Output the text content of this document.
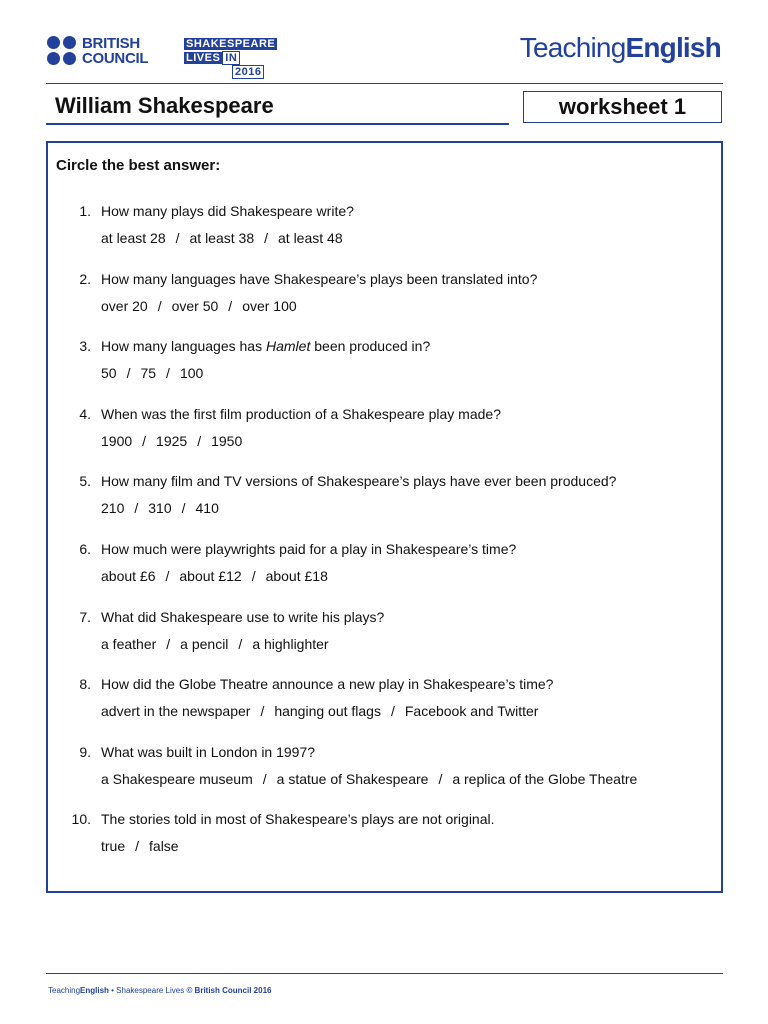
BRITISH
COUNCIL
SHAKESPEARE
LIVES IN
2016
TeachingEnglish
William Shakespeare	worksheet 1
Circle the best answer:
1. How many plays did Shakespeare write?
at least 28 / at least 38 / at least 48
2. How many languages have Shakespeare’s plays been translated into?
over 20 / over 50 / over 100
3. How many languages has Hamlet been produced in?
50 / 75 / 100
4. When was the first film production of a Shakespeare play made?
1900 / 1925 / 1950
5. How many film and TV versions of Shakespeare’s plays have ever been produced?
210 / 310 / 410
6. How much were playwrights paid for a play in Shakespeare’s time?
about £6 / about £12 / about £18
7. What did Shakespeare use to write his plays?
a feather / a pencil / a highlighter
8. How did the Globe Theatre announce a new play in Shakespeare’s time?
advert in the newspaper / hanging out flags / Facebook and Twitter
9. What was built in London in 1997?
a Shakespeare museum / a statue of Shakespeare / a replica of the Globe Theatre
10. The stories told in most of Shakespeare’s plays are not original.
true / false
TeachingEnglish • Shakespeare Lives © British Council 2016
